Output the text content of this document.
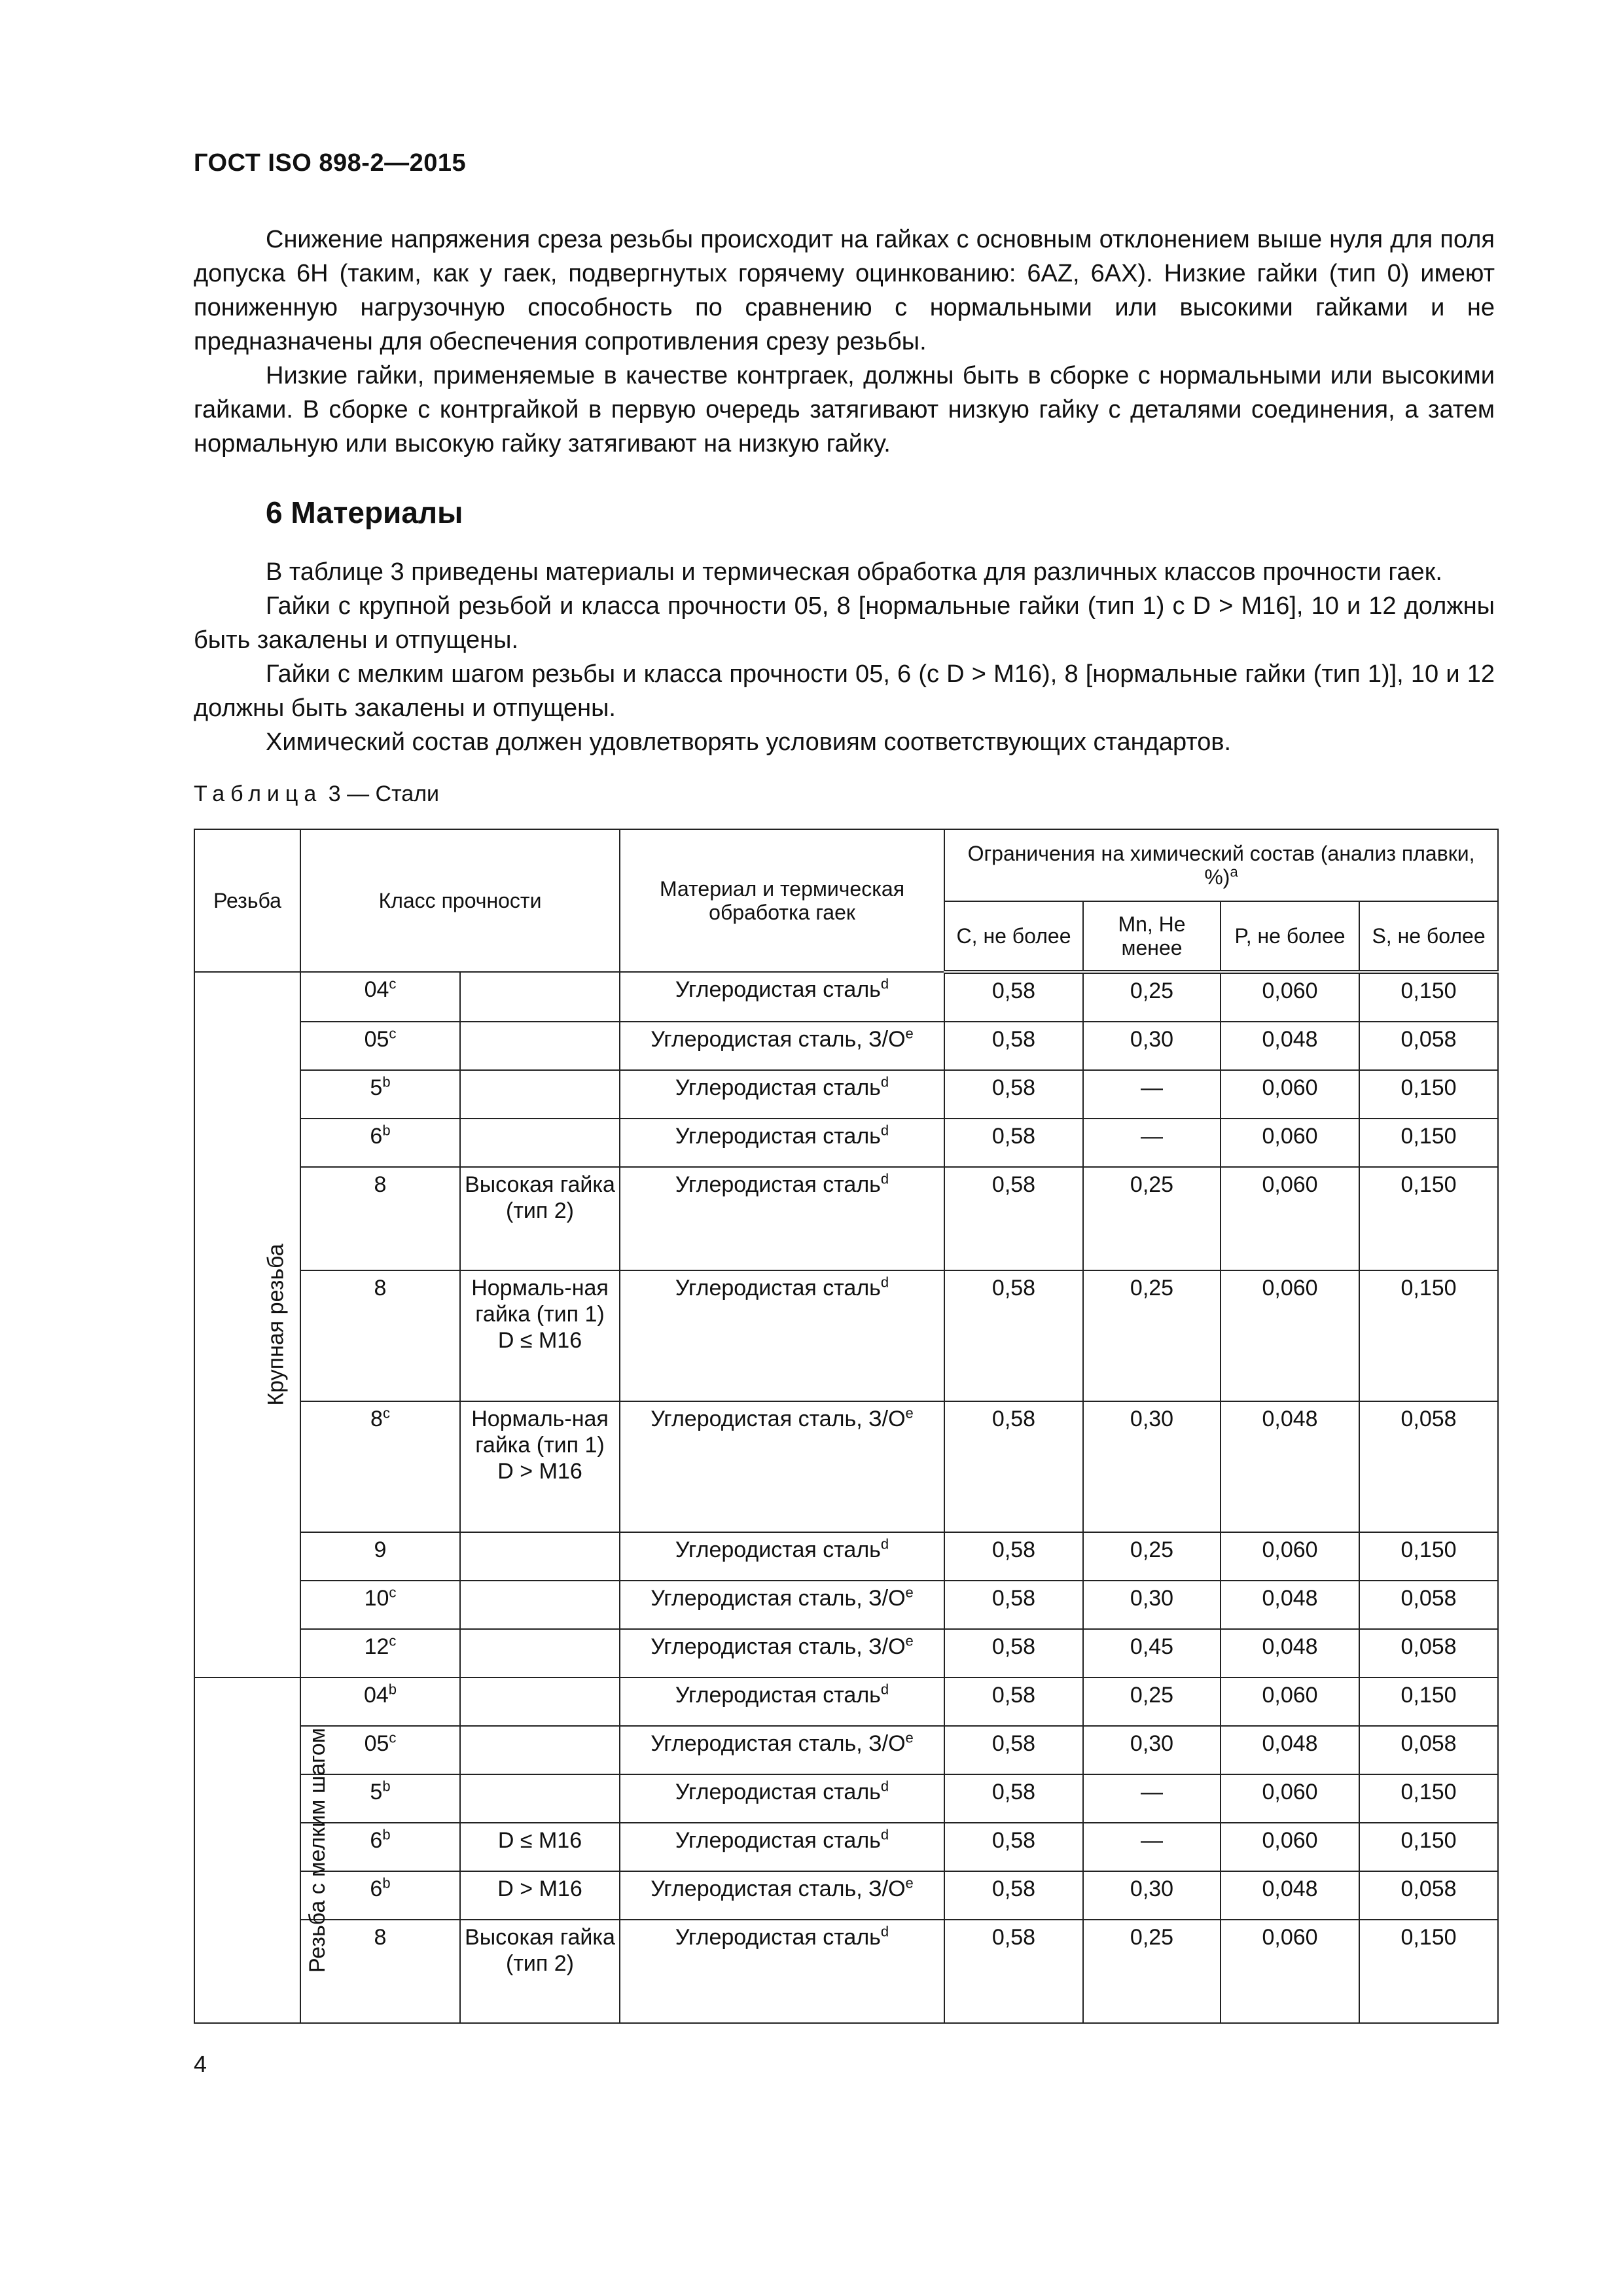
ГОСТ ISO 898-2—2015

Снижение напряжения среза резьбы происходит на гайках с основным отклонением выше нуля для поля допуска 6Н (таким, как у гаек, подвергнутых горячему оцинкованию: 6AZ, 6AX). Низкие гайки (тип 0) имеют пониженную нагрузочную способность по сравнению с нормальными или высокими гайками и не предназначены для обеспечения сопротивления срезу резьбы.

Низкие гайки, применяемые в качестве контргаек, должны быть в сборке с нормальными или высокими гайками. В сборке с контргайкой в первую очередь затягивают низкую гайку с деталями соединения, а затем нормальную или высокую гайку затягивают на низкую гайку.

6 Материалы

В таблице 3 приведены материалы и термическая обработка для различных классов прочности гаек.

Гайки с крупной резьбой и класса прочности 05, 8 [нормальные гайки (тип 1) с D > M16], 10 и 12 должны быть закалены и отпущены.

Гайки с мелким шагом резьбы и класса прочности 05, 6 (с D > M16), 8 [нормальные гайки (тип 1)], 10 и 12 должны быть закалены и отпущены.

Химический состав должен удовлетворять условиям соответствующих стандартов.

Таблица 3 — Стали
Резьба	Класс прочности		Материал и термическая обработка гаек	Ограничения на химический состав (анализ плавки, %)$^a$
				C, не более	Mn, Не менее	P, не более	S, не более
Крупная резьба	04$^c$		Углеродистая сталь$^d$	0,58	0,25	0,060	0,150
	05$^c$		Углеродистая сталь, $З/О^e$	0,58	0,30	0,048	0,058
	5$^b$		Углеродистая сталь$^d$	0,58	—	0,060	0,150
	6$^b$		Углеродистая сталь$^d$	0,58	—	0,060	0,150
	8	Высокая гайка (тип 2)	Углеродистая сталь$^d$	0,58	0,25	0,060	0,150
	8	Нормаль-ная гайка (тип 1) D ≤ M16	Углеродистая сталь$^d$	0,58	0,25	0,060	0,150
	8$^c$	Нормаль-ная гайка (тип 1) D > M16	Углеродистая сталь, $З/О^e$	0,58	0,30	0,048	0,058
	9		Углеродистая сталь$^d$	0,58	0,25	0,060	0,150
	10$^c$		Углеродистая сталь, $З/О^e$	0,58	0,30	0,048	0,058
	12$^c$		Углеродистая сталь, $З/О^e$	0,58	0,45	0,048	0,058
Резьба с мелким шагом	04$^b$		Углеродистая сталь$^d$	0,58	0,25	0,060	0,150
	05$^c$		Углеродистая сталь, $З/О^e$	0,58	0,30	0,048	0,058
	5$^b$		Углеродистая сталь$^d$	0,58	—	0,060	0,150
	6$^b$	D ≤ M16	Углеродистая сталь$^d$	0,58	—	0,060	0,150
	6$^b$	D > M16	Углеродистая сталь, $З/О^e$	0,58	0,30	0,048	0,058
	8	Высокая гайка (тип 2)	Углеродистая сталь$^d$	0,58	0,25	0,060	0,150
4
